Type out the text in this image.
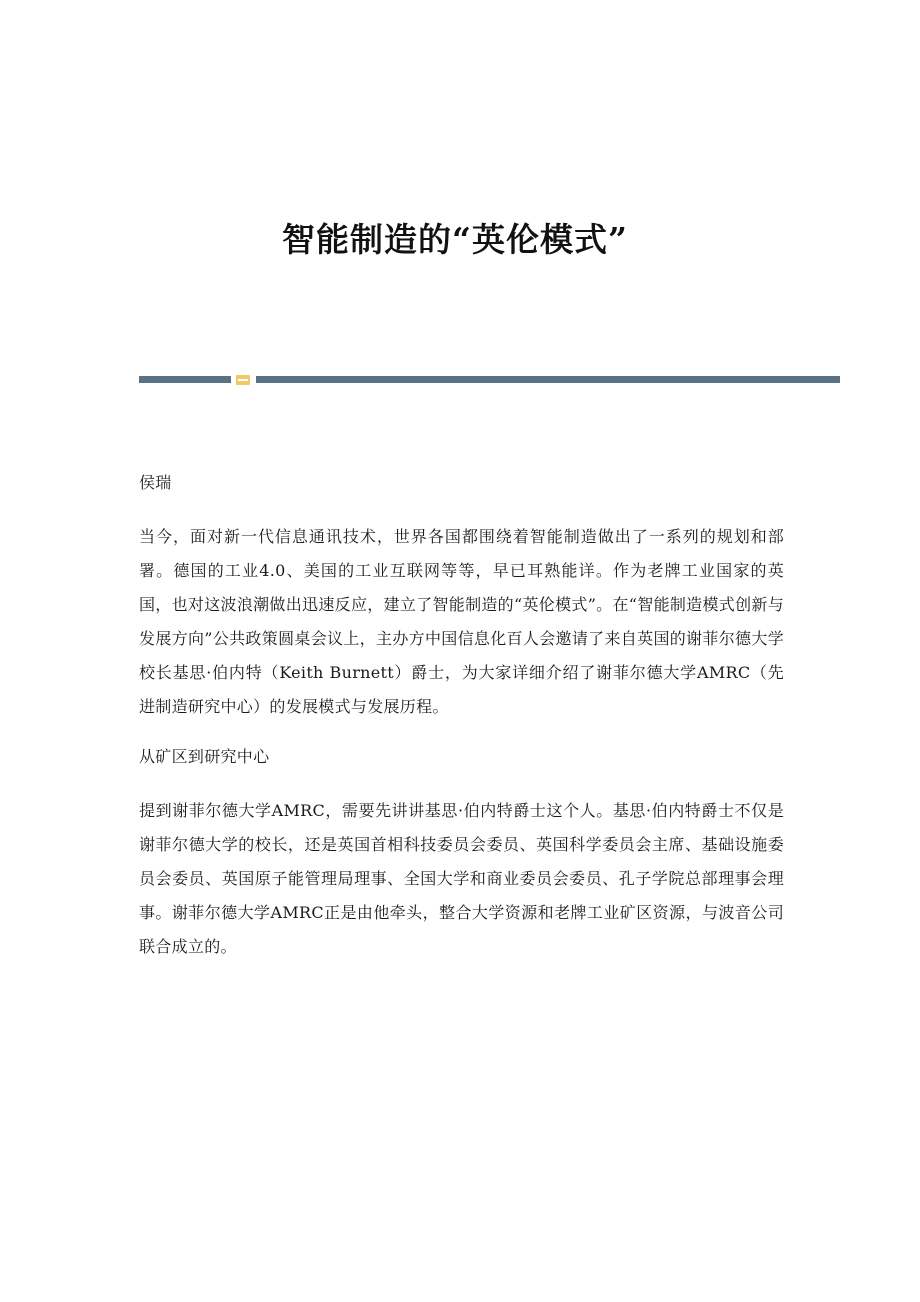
智能制造的“英伦模式”

侯瑞

当今，面对新一代信息通讯技术，世界各国都围绕着智能制造做出了一系列的规划和部署。德国的工业4.0、美国的工业互联网等等，早已耳熟能详。作为老牌工业国家的英国，也对这波浪潮做出迅速反应，建立了智能制造的“英伦模式”。在“智能制造模式创新与发展方向”公共政策圆桌会议上，主办方中国信息化百人会邀请了来自英国的谢菲尔德大学校长基思·伯内特（Keith Burnett）爵士，为大家详细介绍了谢菲尔德大学AMRC（先进制造研究中心）的发展模式与发展历程。

从矿区到研究中心

提到谢菲尔德大学AMRC，需要先讲讲基思·伯内特爵士这个人。基思·伯内特爵士不仅是谢菲尔德大学的校长，还是英国首相科技委员会委员、英国科学委员会主席、基础设施委员会委员、英国原子能管理局理事、全国大学和商业委员会委员、孔子学院总部理事会理事。谢菲尔德大学AMRC正是由他牵头，整合大学资源和老牌工业矿区资源，与波音公司联合成立的。
